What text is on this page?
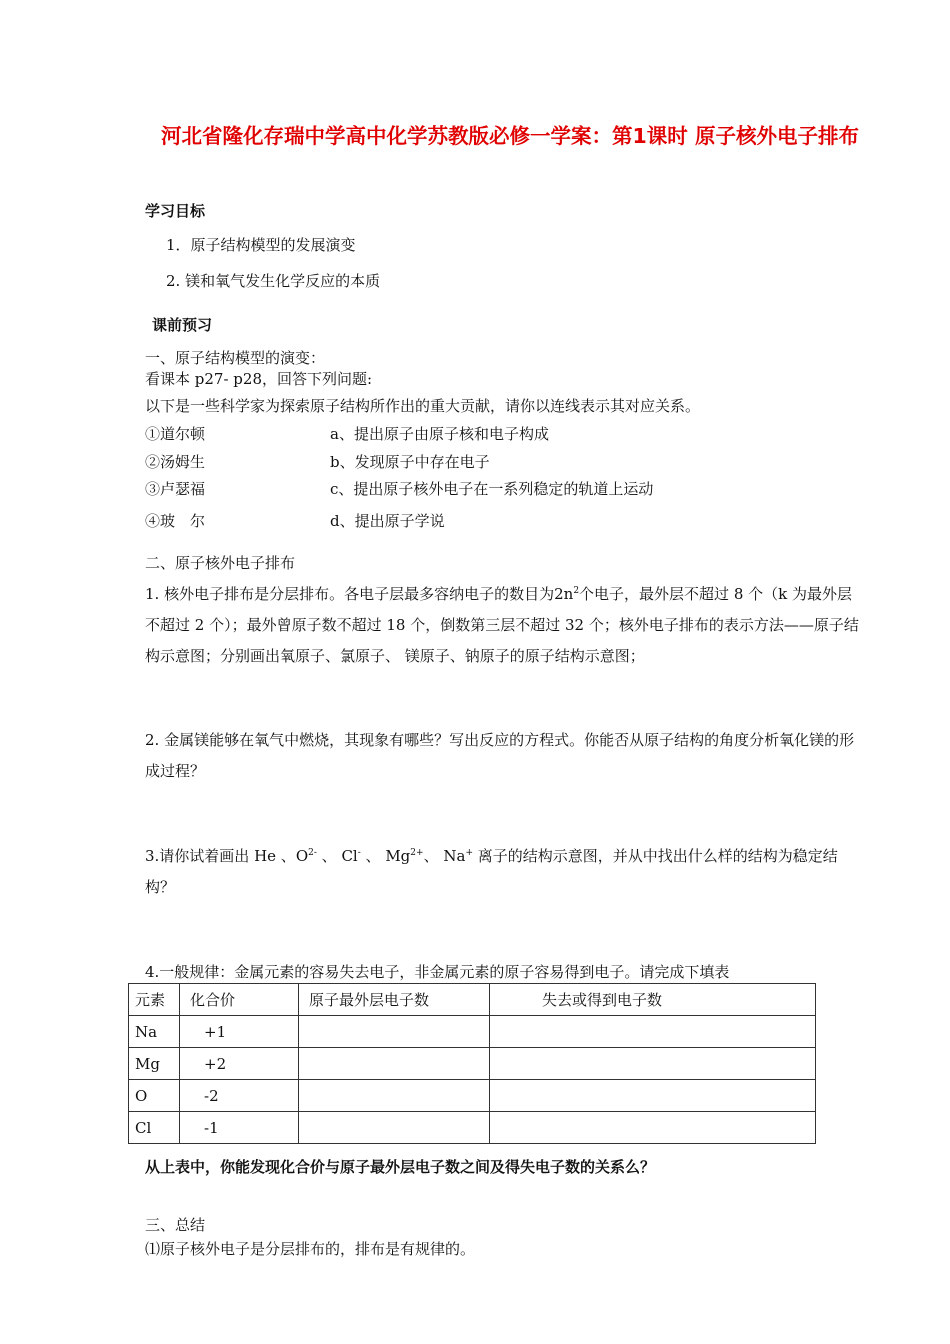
河北省隆化存瑞中学高中化学苏教版必修一学案：第1课时 原子核外电子排布
学习目标
1．原子结构模型的发展演变
2. 镁和氧气发生化学反应的本质
课前预习
一、原子结构模型的演变：
看课本 p27- p28，回答下列问题:
以下是一些科学家为探索原子结构所作出的重大贡献，请你以连线表示其对应关系。
①道尔顿	a、提出原子由原子核和电子构成
②汤姆生	b、发现原子中存在电子
③卢瑟福	c、提出原子核外电子在一系列稳定的轨道上运动
④玻　尔	d、提出原子学说
二、原子核外电子排布
1. 核外电子排布是分层排布。各电子层最多容纳电子的数目为$2n^2$个电子，最外层不超过 8 个（k 为最外层不超过 2 个）；最外曾原子数不超过 18 个，倒数第三层不超过 32 个；核外电子排布的表示方法——原子结构示意图；分别画出氧原子、氯原子、 镁原子、钠原子的原子结构示意图；
2. 金属镁能够在氧气中燃烧，其现象有哪些？写出反应的方程式。你能否从原子结构的角度分析氧化镁的形成过程？
3.请你试着画出 He 、$O^{2-}$ 、 Cl- 、 $Mg^{2+}$、 Na+ 离子的结构示意图，并从中找出什么样的结构为稳定结构？
4.一般规律：金属元素的容易失去电子，非金属元素的原子容易得到电子。请完成下填表
元素	化合价	原子最外层电子数	失去或得到电子数
Na	+1		
Mg	+2		
O	-2		
Cl	-1		
从上表中，你能发现化合价与原子最外层电子数之间及得失电子数的关系么？
三、总结
⑴原子核外电子是分层排布的，排布是有规律的。
